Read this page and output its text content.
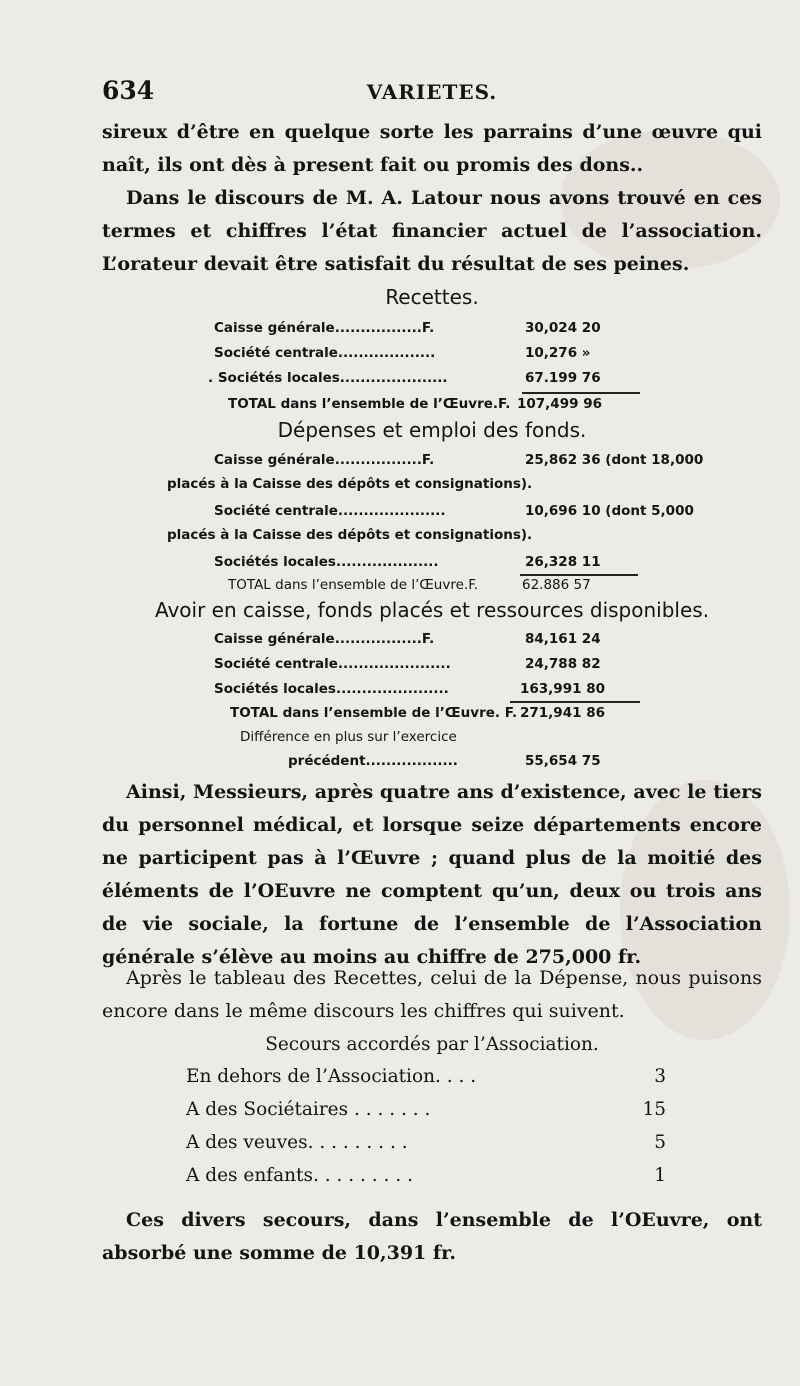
634	VARIETES.

sireux d’être en quelque sorte les parrains d’une œuvre qui naît, ils ont dès à present fait ou promis des dons..

Dans le discours de M. A. Latour nous avons trouvé en ces termes et chiffres l’état financier actuel de l’association. L’orateur devait être satisfait du résultat de ses peines.

Recettes.
Caisse générale.................F.	30,024 20
Société centrale...................	10,276 »
. Sociétés locales.....................	67.199 76
TOTAL dans l’ensemble de l’Œuvre.F. 107,499 96
Dépenses et emploi des fonds.
Caisse générale.................F.	25,862 36 (dont 18,000
placés à la Caisse des dépôts et consignations).
Société centrale.....................	10,696 10 (dont 5,000
placés à la Caisse des dépôts et consignations).
Sociétés locales....................	26,328 11
TOTAL dans l’ensemble de l’Œuvre.F.	62.886 57
Avoir en caisse, fonds placés et ressources disponibles.
Caisse générale.................F.	84,161 24
Société centrale......................	24,788 82
Sociétés locales......................	163,991 80
TOTAL dans l’ensemble de l’Œuvre. F. 271,941 86
Différence en plus sur l’exercice
précédent..................	55,654 75

Ainsi, Messieurs, après quatre ans d’existence, avec le tiers du personnel médical, et lorsque seize départements encore ne participent pas à l’Œuvre ; quand plus de la moitié des éléments de l’OEuvre ne comptent qu’un, deux ou trois ans de vie sociale, la fortune de l’ensemble de l’Association générale s’élève au moins au chiffre de 275,000 fr.

Après le tableau des Recettes, celui de la Dépense, nous puisons encore dans le même discours les chiffres qui suivent.

Secours accordés par l’Association.
En dehors de l’Association. . . .	3
A des Sociétaires . . . . . . .	15
A des veuves. . . . . . . . .	5
A des enfants. . . . . . . . .	1

Ces divers secours, dans l’ensemble de l’OEuvre, ont absorbé une somme de 10,391 fr.
